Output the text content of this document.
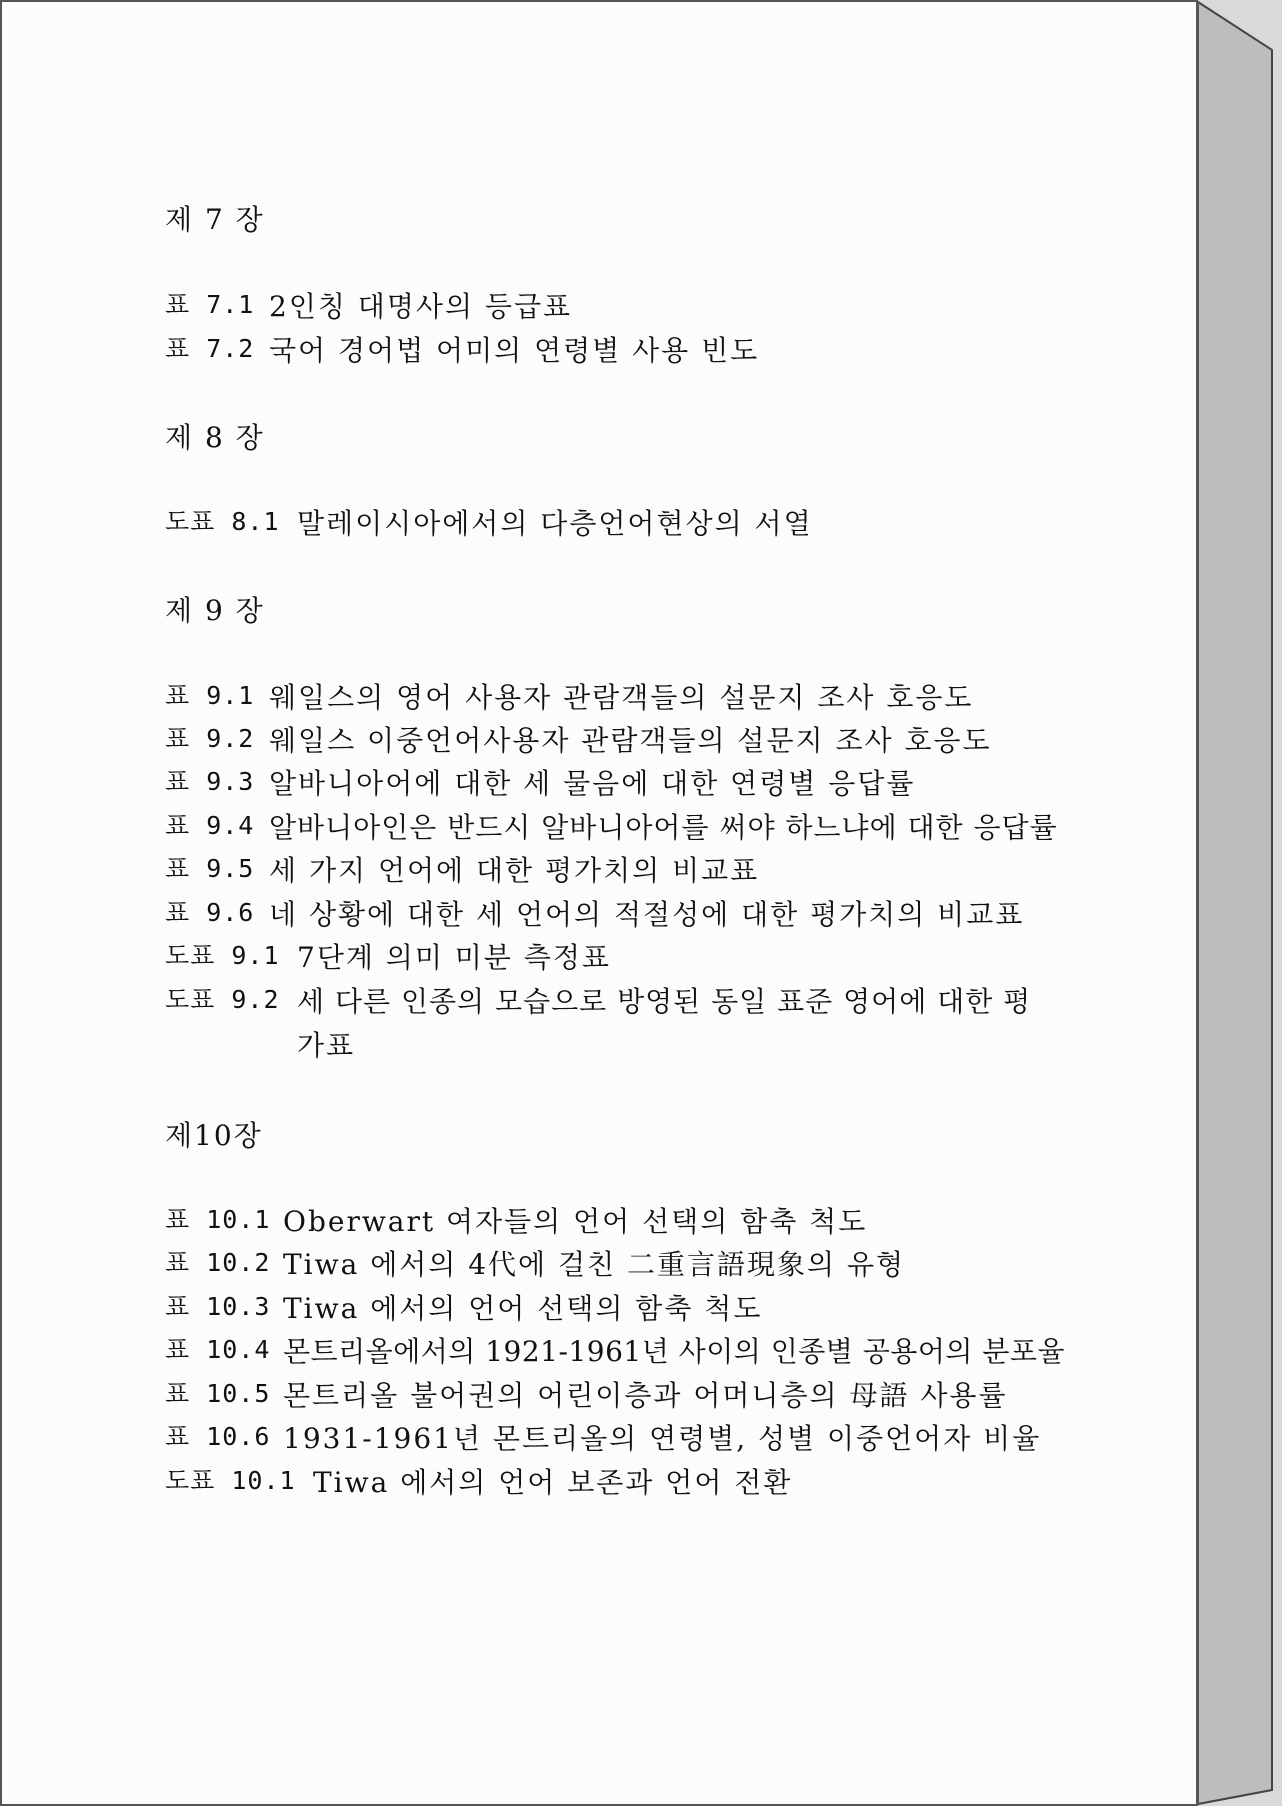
제 7 장
표 7.1 2인칭 대명사의 등급표
표 7.2 국어 경어법 어미의 연령별 사용 빈도
제 8 장
도표 8.1 말레이시아에서의 다층언어현상의 서열
제 9 장
표 9.1 웨일스의 영어 사용자 관람객들의 설문지 조사 호응도
표 9.2 웨일스 이중언어사용자 관람객들의 설문지 조사 호응도
표 9.3 알바니아어에 대한 세 물음에 대한 연령별 응답률
표 9.4 알바니아인은 반드시 알바니아어를 써야 하느냐에 대한 응답률
표 9.5 세 가지 언어에 대한 평가치의 비교표
표 9.6 네 상황에 대한 세 언어의 적절성에 대한 평가치의 비교표
도표 9.1 7단계 의미 미분 측정표
도표 9.2 세 다른 인종의 모습으로 방영된 동일 표준 영어에 대한 평
가표
제10장
표 10.1 Oberwart 여자들의 언어 선택의 함축 척도
표 10.2 Tiwa 에서의 4代에 걸친 二重言語現象의 유형
표 10.3 Tiwa 에서의 언어 선택의 함축 척도
표 10.4 몬트리올에서의 1921-1961년 사이의 인종별 공용어의 분포율
표 10.5 몬트리올 불어권의 어린이층과 어머니층의 母語 사용률
표 10.6 1931-1961년 몬트리올의 연령별, 성별 이중언어자 비율
도표 10.1 Tiwa 에서의 언어 보존과 언어 전환
